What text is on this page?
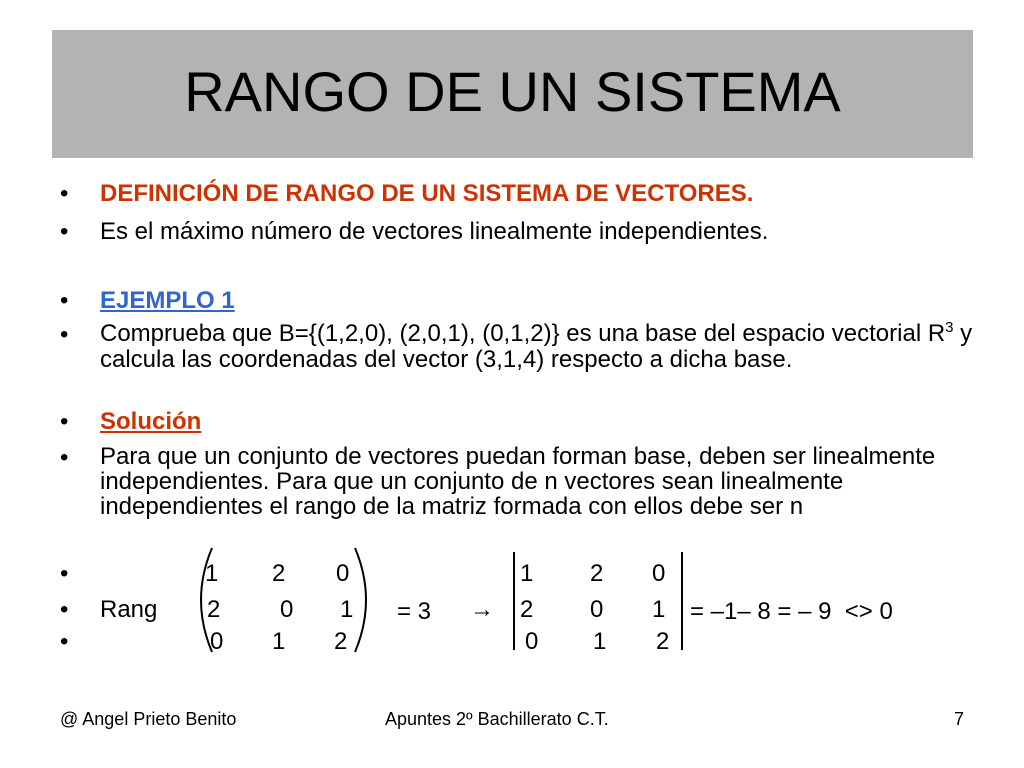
RANGO DE UN SISTEMA
• DEFINICIÓN DE RANGO DE UN SISTEMA DE VECTORES.
• Es el máximo número de vectores linealmente independientes.
• EJEMPLO 1
• Comprueba que B={(1,2,0), (2,0,1), (0,1,2)} es una base del espacio vectorial $R^3$ y calcula las coordenadas del vector (3,1,4) respecto a dicha base.
• Solución
• Para que un conjunto de vectores puedan forman base, deben ser linealmente independientes. Para que un conjunto de n vectores sean linealmente independientes el rango de la matriz formada con ellos debe ser n
•
•
•
Rang
1 2 0
2 0 1
0 1 2
= 3 →
1 2 0
2 0 1
0 1 2
= –1– 8 = – 9  <> 0
@ Angel Prieto Benito	Apuntes 2º Bachillerato C.T.	7
